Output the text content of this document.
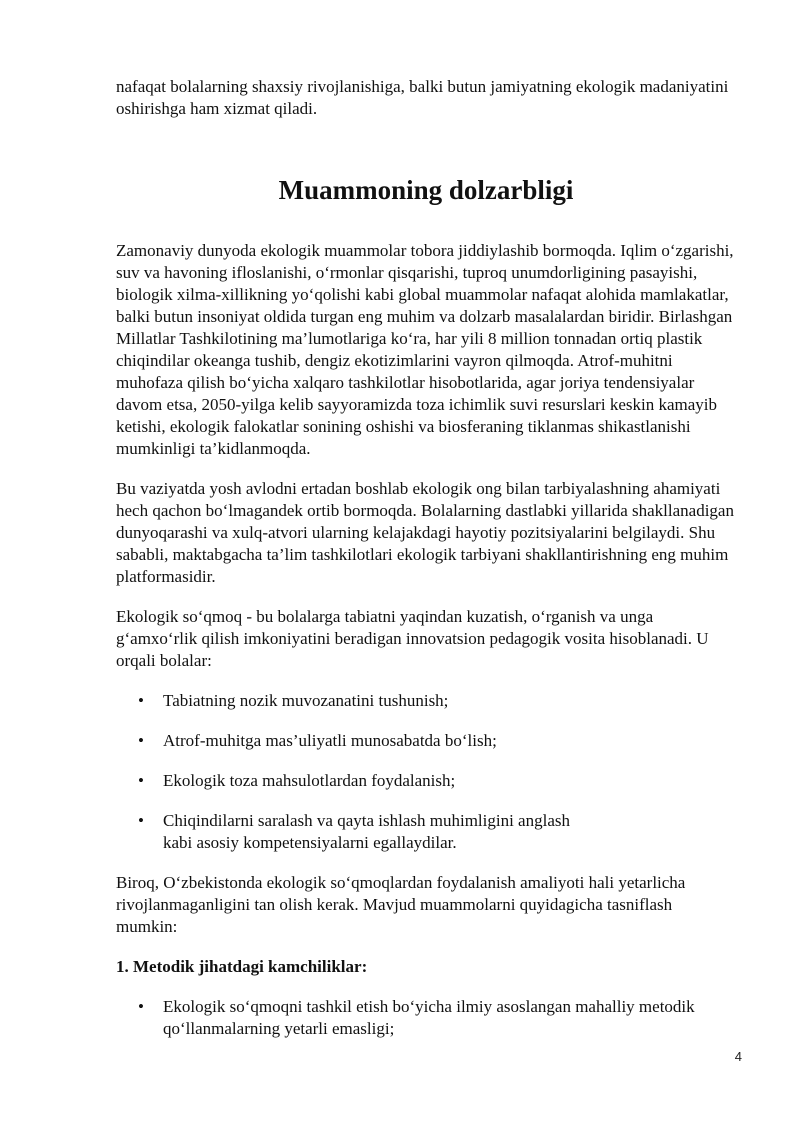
nafaqat bolalarning shaxsiy rivojlanishiga, balki butun jamiyatning ekologik madaniyatini oshirishga ham xizmat qiladi.

Muammoning dolzarbligi

Zamonaviy dunyoda ekologik muammolar tobora jiddiylashib bormoqda. Iqlim o‘zgarishi, suv va havoning ifloslanishi, o‘rmonlar qisqarishi, tuproq unumdorligining pasayishi, biologik xilma-xillikning yo‘qolishi kabi global muammolar nafaqat alohida mamlakatlar, balki butun insoniyat oldida turgan eng muhim va dolzarb masalalardan biridir. Birlashgan Millatlar Tashkilotining ma’lumotlariga ko‘ra, har yili 8 million tonnadan ortiq plastik chiqindilar okeanga tushib, dengiz ekotizimlarini vayron qilmoqda. Atrof-muhitni muhofaza qilish bo‘yicha xalqaro tashkilotlar hisobotlarida, agar joriya tendensiyalar davom etsa, 2050-yilga kelib sayyoramizda toza ichimlik suvi resurslari keskin kamayib ketishi, ekologik falokatlar sonining oshishi va biosferaning tiklanmas shikastlanishi mumkinligi ta’kidlanmoqda.

Bu vaziyatda yosh avlodni ertadan boshlab ekologik ong bilan tarbiyalashning ahamiyati hech qachon bo‘lmagandek ortib bormoqda. Bolalarning dastlabki yillarida shakllanadigan dunyoqarashi va xulq-atvori ularning kelajakdagi hayotiy pozitsiyalarini belgilaydi. Shu sababli, maktabgacha ta’lim tashkilotlari ekologik tarbiyani shakllantirishning eng muhim platformasidir.

Ekologik so‘qmoq - bu bolalarga tabiatni yaqindan kuzatish, o‘rganish va unga g‘amxo‘rlik qilish imkoniyatini beradigan innovatsion pedagogik vosita hisoblanadi. U orqali bolalar:

• Tabiatning nozik muvozanatini tushunish;
• Atrof-muhitga mas’uliyatli munosabatda bo‘lish;
• Ekologik toza mahsulotlardan foydalanish;
• Chiqindilarni saralash va qayta ishlash muhimligini anglash
kabi asosiy kompetensiyalarni egallaydilar.

Biroq, O‘zbekistonda ekologik so‘qmoqlardan foydalanish amaliyoti hali yetarlicha rivojlanmaganligini tan olish kerak. Mavjud muammolarni quyidagicha tasniflash mumkin:

1. Metodik jihatdagi kamchiliklar:

• Ekologik so‘qmoqni tashkil etish bo‘yicha ilmiy asoslangan mahalliy metodik qo‘llanmalarning yetarli emasligi;
4
